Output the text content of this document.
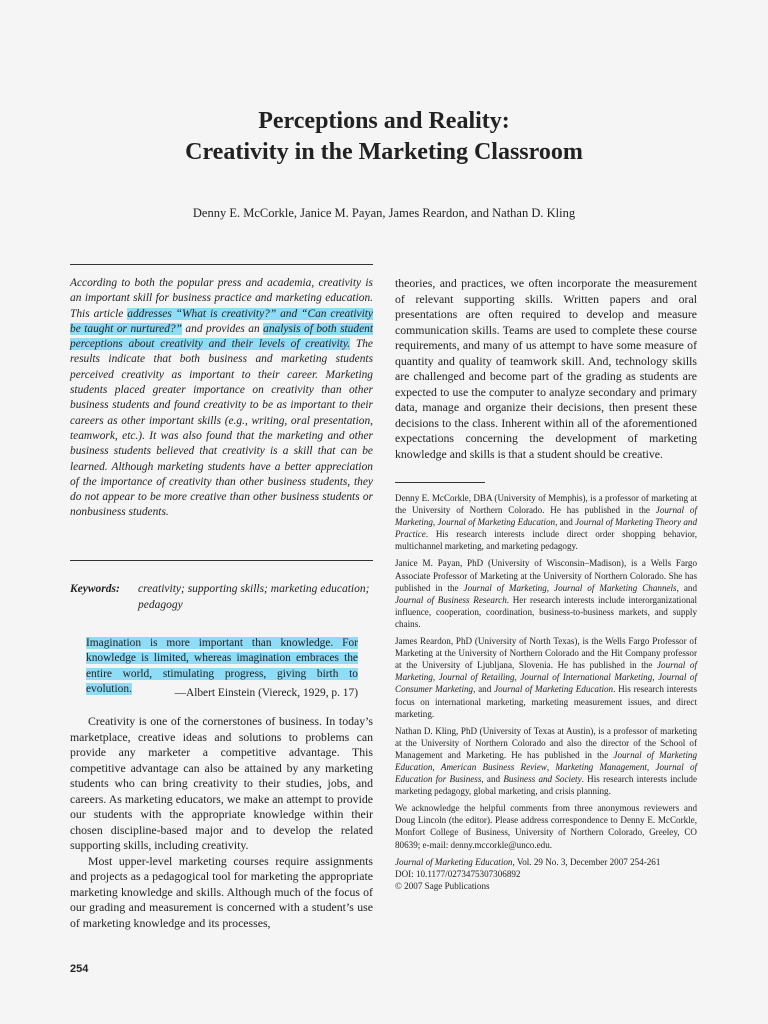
Perceptions and Reality:
Creativity in the Marketing Classroom
Denny E. McCorkle, Janice M. Payan, James Reardon, and Nathan D. Kling

According to both the popular press and academia, creativity is an important skill for business practice and marketing education. This article addresses “What is creativity?” and “Can creativity be taught or nurtured?” and provides an analysis of both student perceptions about creativity and their levels of creativity. The results indicate that both business and marketing students perceived creativity as important to their career. Marketing students placed greater importance on creativity than other business students and found creativity to be as important to their careers as other important skills (e.g., writing, oral presentation, teamwork, etc.). It was also found that the marketing and other business students believed that creativity is a skill that can be learned. Although marketing students have a better appreciation of the importance of creativity than other business students, they do not appear to be more creative than other business students or nonbusiness students.

Keywords:	creativity; supporting skills; marketing education; pedagogy

Imagination is more important than knowledge. For knowledge is limited, whereas imagination embraces the entire world, stimulating progress, giving birth to evolution.	—Albert Einstein (Viereck, 1929, p. 17)

Creativity is one of the cornerstones of business. In today’s marketplace, creative ideas and solutions to problems can provide any marketer a competitive advantage. This competitive advantage can also be attained by any marketing students who can bring creativity to their studies, jobs, and careers. As marketing educators, we make an attempt to provide our students with the appropriate knowledge within their chosen discipline-based major and to develop the related supporting skills, including creativity.

Most upper-level marketing courses require assignments and projects as a pedagogical tool for marketing the appropriate marketing knowledge and skills. Although much of the focus of our grading and measurement is concerned with a student’s use of marketing knowledge and its processes,

theories, and practices, we often incorporate the measurement of relevant supporting skills. Written papers and oral presentations are often required to develop and measure communication skills. Teams are used to complete these course requirements, and many of us attempt to have some measure of quantity and quality of teamwork skill. And, technology skills are challenged and become part of the grading as students are expected to use the computer to analyze secondary and primary data, manage and organize their decisions, then present these decisions to the class. Inherent within all of the aforementioned expectations concerning the development of marketing knowledge and skills is that a student should be creative.

Denny E. McCorkle, DBA (University of Memphis), is a professor of marketing at the University of Northern Colorado. He has published in the Journal of Marketing, Journal of Marketing Education, and Journal of Marketing Theory and Practice. His research interests include direct order shopping behavior, multichannel marketing, and marketing pedagogy.

Janice M. Payan, PhD (University of Wisconsin–Madison), is a Wells Fargo Associate Professor of Marketing at the University of Northern Colorado. She has published in the Journal of Marketing, Journal of Marketing Channels, and Journal of Business Research. Her research interests include interorganizational influence, cooperation, coordination, business-to-business markets, and supply chains.

James Reardon, PhD (University of North Texas), is the Wells Fargo Professor of Marketing at the University of Northern Colorado and the Hit Company professor at the University of Ljubljana, Slovenia. He has published in the Journal of Marketing, Journal of Retailing, Journal of International Marketing, Journal of Consumer Marketing, and Journal of Marketing Education. His research interests focus on international marketing, marketing measurement issues, and direct marketing.

Nathan D. Kling, PhD (University of Texas at Austin), is a professor of marketing at the University of Northern Colorado and also the director of the School of Management and Marketing. He has published in the Journal of Marketing Education, American Business Review, Marketing Management, Journal of Education for Business, and Business and Society. His research interests include marketing pedagogy, global marketing, and crisis planning.

We acknowledge the helpful comments from three anonymous reviewers and Doug Lincoln (the editor). Please address correspondence to Denny E. McCorkle, Monfort College of Business, University of Northern Colorado, Greeley, CO 80639; e-mail: denny.mccorkle@unco.edu.

Journal of Marketing Education, Vol. 29 No. 3, December 2007 254-261
DOI: 10.1177/0273475307306892
© 2007 Sage Publications

254
